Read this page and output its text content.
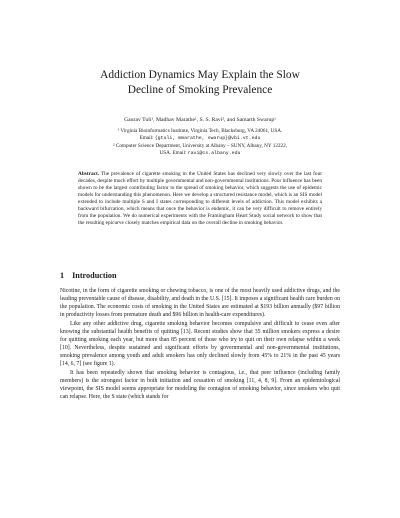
Addiction Dynamics May Explain the Slow
Decline of Smoking Prevalence
Gaurav Tuli¹, Madhav Marathe¹, S. S. Ravi², and Samarth Swarup¹
¹ Virginia Bioinformatics Institute, Virginia Tech, Blacksburg, VA 24061, USA.
Email: {gtuli, mmarathe, swarup}@vbi.vt.edu
² Computer Science Department, University at Albany – SUNY, Albany, NY 12222,
USA. Email: ravi@cs.albany.edu
Abstract. The prevalence of cigarette smoking in the United States has declined very slowly over the last four decades, despite much effort by multiple governmental and non-governmental institutions. Poor influence has been shown to be the largest contributing factor to the spread of smoking behavior, which suggests the use of epidemic models for understanding this phenomenon. Here we develop a structured resistance model, which is an SIS model extended to include multiple S and I states corresponding to different levels of addiction. This model exhibits a backward bifurcation, which means that once the behavior is endemic, it can be very difficult to remove entirely from the population. We do numerical experiments with the Framingham Heart Study social network to show that the resulting epicurve closely matches empirical data on the overall decline in smoking behavior.
1 Introduction

Nicotine, in the form of cigarette smoking or chewing tobacco, is one of the most heavily used addictive drugs, and the leading preventable cause of disease, disability, and death in the U.S. [15]. It imposes a significant health care burden on the population. The economic costs of smoking in the United States are estimated at $193 billion annually ($97 billion in productivity losses from premature death and $96 billion in health-care expenditures).

Like any other addictive drug, cigarette smoking behavior becomes compulsive and difficult to cease even after knowing the substantial health benefits of quitting [13]. Recent studies show that 35 million smokers express a desire for quitting smoking each year, but more than 85 percent of those who try to quit on their own relapse within a week [10]. Nevertheless, despite sustained and significant efforts by governmental and non-governmental institutions, smoking prevalence among youth and adult smokers has only declined slowly from 45% to 21% in the past 45 years [14, 6, 7] (see figure 1).

It has been repeatedly shown that smoking behavior is contagious, i.e., that peer influence (including family members) is the strongest factor in both initiation and cessation of smoking [11, 4, 8, 9]. From an epidemiological viewpoint, the SIS model seems appropriate for modeling the contagion of smoking behavior, since smokers who quit can relapse. Here, the S state (which stands for
